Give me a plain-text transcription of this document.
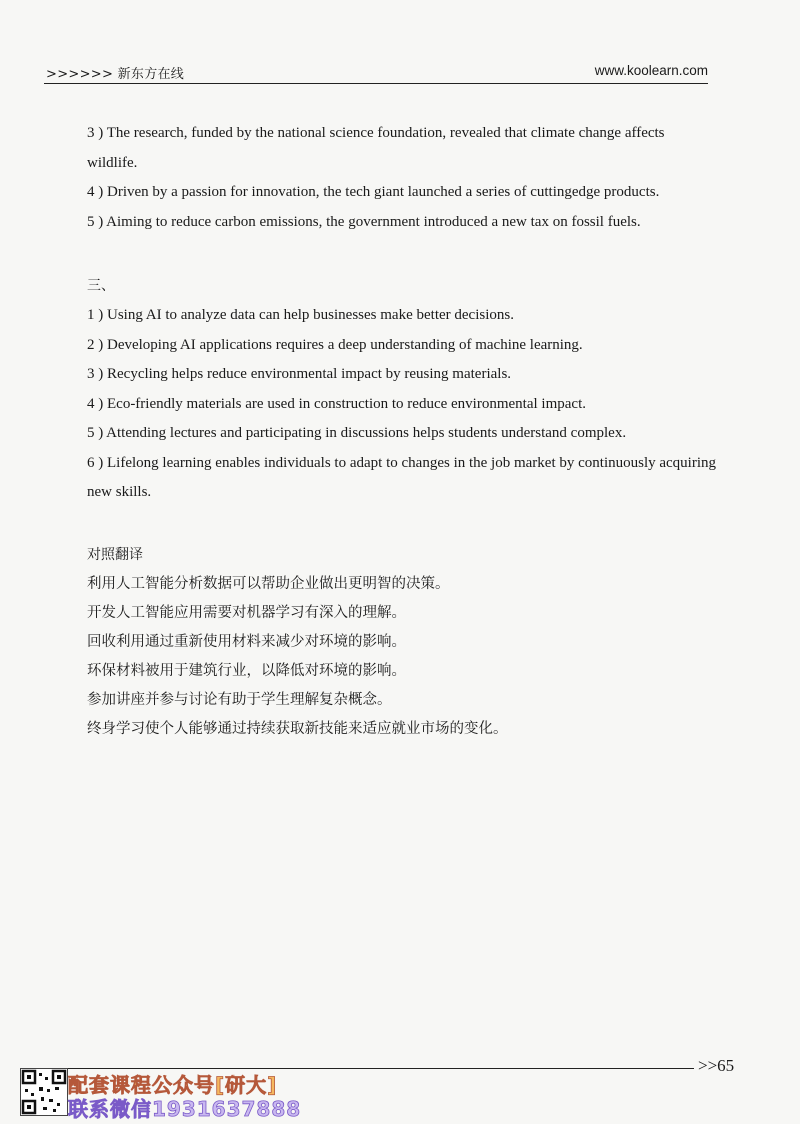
>>>>>> 新东方在线	www.koolearn.com
3 ) The research, funded by the national science foundation, revealed that climate change affects wildlife.
4 ) Driven by a passion for innovation, the tech giant launched a series of cuttingedge products.
5 ) Aiming to reduce carbon emissions, the government introduced a new tax on fossil fuels.
三、
1 ) Using AI to analyze data can help businesses make better decisions.
2 ) Developing AI applications requires a deep understanding of machine learning.
3 ) Recycling helps reduce environmental impact by reusing materials.
4 ) Eco-friendly materials are used in construction to reduce environmental impact.
5 ) Attending lectures and participating in discussions helps students understand complex.
6 ) Lifelong learning enables individuals to adapt to changes in the job market by continuously acquiring new skills.
对照翻译
利用人工智能分析数据可以帮助企业做出更明智的决策。
开发人工智能应用需要对机器学习有深入的理解。
回收利用通过重新使用材料来减少对环境的影响。
环保材料被用于建筑行业，以降低对环境的影响。
参加讲座并参与讨论有助于学生理解复杂概念。
终身学习使个人能够通过持续获取新技能来适应就业市场的变化。
>>65
配套课程公众号[研大]
联系微信1931637888
